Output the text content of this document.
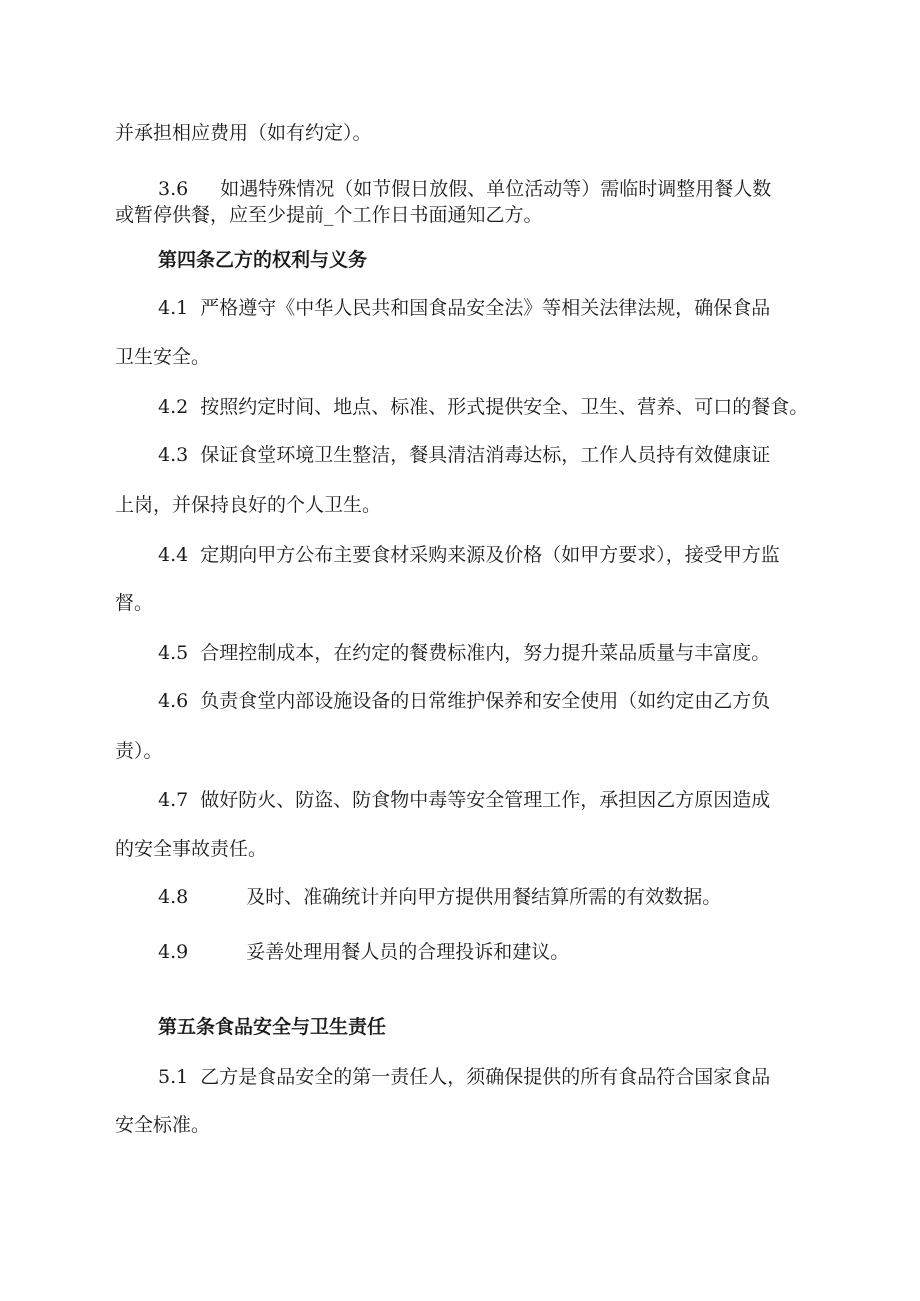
并承担相应费用（如有约定）。
3.6 如遇特殊情况（如节假日放假、单位活动等）需临时调整用餐人数
或暂停供餐，应至少提前_个工作日书面通知乙方。
第四条乙方的权利与义务
4.1 严格遵守《中华人民共和国食品安全法》等相关法律法规，确保食品
卫生安全。
4.2 按照约定时间、地点、标准、形式提供安全、卫生、营养、可口的餐食。
4.3 保证食堂环境卫生整洁，餐具清洁消毒达标，工作人员持有效健康证
上岗，并保持良好的个人卫生。
4.4 定期向甲方公布主要食材采购来源及价格（如甲方要求），接受甲方监
督。
4.5 合理控制成本，在约定的餐费标准内，努力提升菜品质量与丰富度。
4.6 负责食堂内部设施设备的日常维护保养和安全使用（如约定由乙方负
责）。
4.7 做好防火、防盗、防食物中毒等安全管理工作，承担因乙方原因造成
的安全事故责任。
4.8	及时、准确统计并向甲方提供用餐结算所需的有效数据。
4.9	妥善处理用餐人员的合理投诉和建议。
第五条食品安全与卫生责任
5.1 乙方是食品安全的第一责任人，须确保提供的所有食品符合国家食品
安全标准。
